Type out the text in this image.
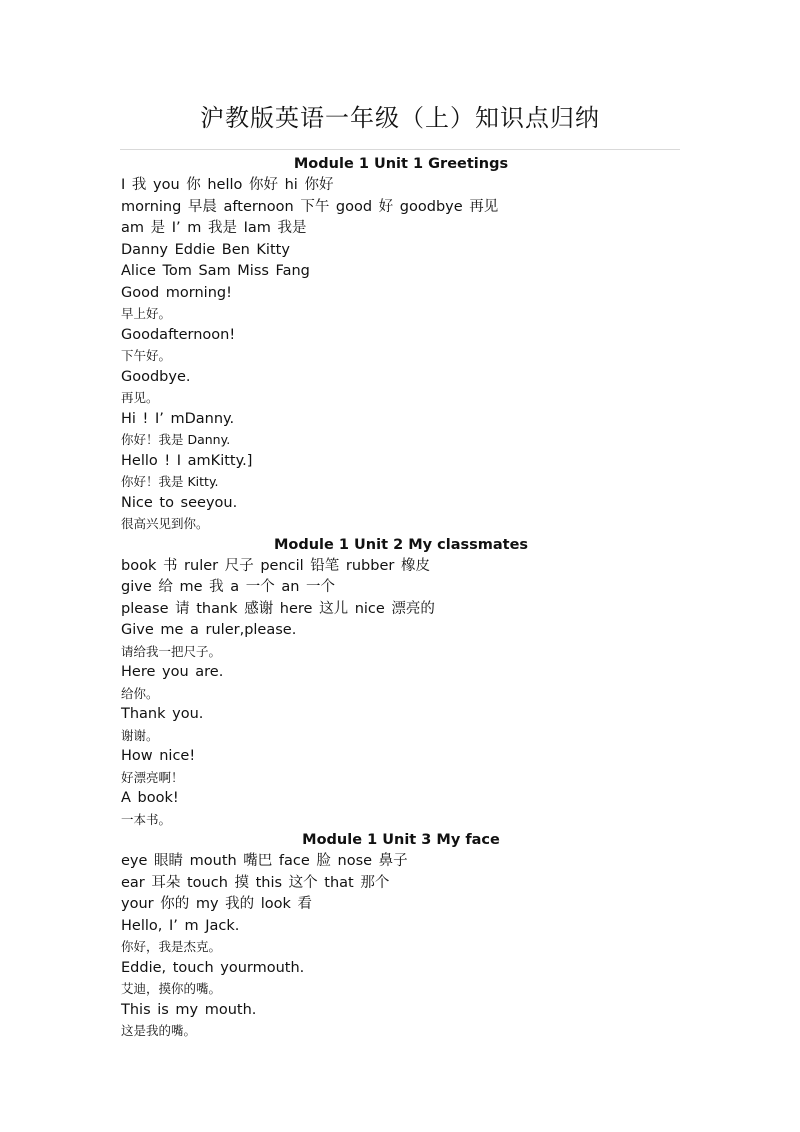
沪教版英语一年级（上）知识点归纳
Module 1 Unit 1 Greetings
I 我 you 你 hello 你好 hi 你好
morning 早晨 afternoon 下午 good 好 goodbye 再见
am 是 I’ m 我是 Iam 我是
Danny Eddie Ben Kitty
Alice Tom Sam Miss Fang
Good morning!
早上好。
Goodafternoon!
下午好。
Goodbye.
再见。
Hi ! I’ mDanny.
你好！我是 Danny.
Hello ! I amKitty.]
你好！我是 Kitty.
Nice to seeyou.
很高兴见到你。
Module 1 Unit 2 My classmates
book 书 ruler 尺子 pencil 铅笔 rubber 橡皮
give 给 me 我 a 一个 an 一个
please 请 thank 感谢 here 这儿 nice 漂亮的
Give me a ruler,please.
请给我一把尺子。
Here you are.
给你。
Thank you.
谢谢。
How nice!
好漂亮啊！
A book!
一本书。
Module 1 Unit 3 My face
eye 眼睛 mouth 嘴巴 face 脸 nose 鼻子
ear 耳朵 touch 摸 this 这个 that 那个
your 你的 my 我的 look 看
Hello, I’ m Jack.
你好，我是杰克。
Eddie, touch yourmouth.
艾迪，摸你的嘴。
This is my mouth.
这是我的嘴。
